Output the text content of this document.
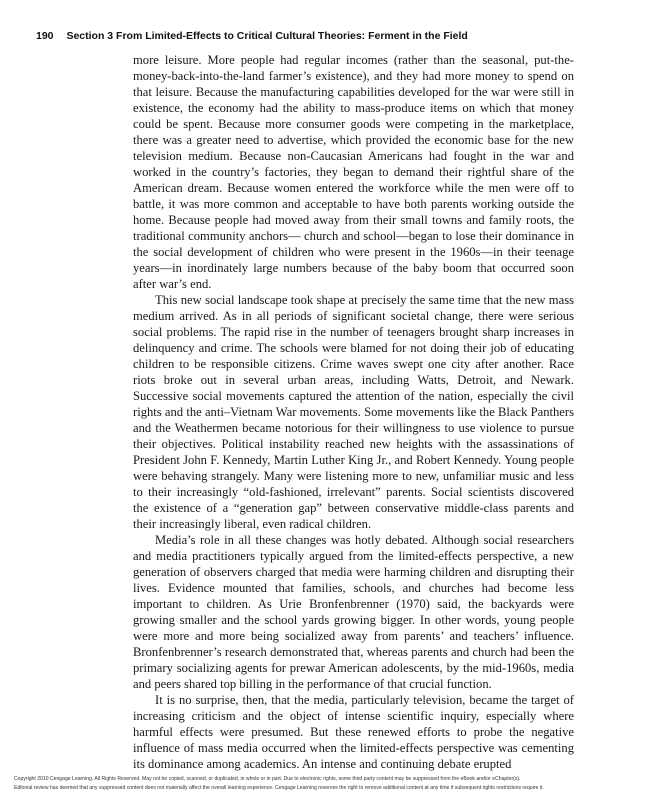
190 Section 3 From Limited-Effects to Critical Cultural Theories: Ferment in the Field

more leisure. More people had regular incomes (rather than the seasonal, put-the-money-back-into-the-land farmer’s existence), and they had more money to spend on that leisure. Because the manufacturing capabilities developed for the war were still in existence, the economy had the ability to mass-produce items on which that money could be spent. Because more consumer goods were competing in the marketplace, there was a greater need to advertise, which provided the economic base for the new television medium. Because non-Caucasian Americans had fought in the war and worked in the country’s factories, they began to demand their rightful share of the American dream. Because women entered the workforce while the men were off to battle, it was more common and acceptable to have both parents working outside the home. Because people had moved away from their small towns and family roots, the traditional community anchors— church and school—began to lose their dominance in the social development of children who were present in the 1960s—in their teenage years—in inordinately large numbers because of the baby boom that occurred soon after war’s end.

This new social landscape took shape at precisely the same time that the new mass medium arrived. As in all periods of significant societal change, there were serious social problems. The rapid rise in the number of teenagers brought sharp increases in delinquency and crime. The schools were blamed for not doing their job of educating children to be responsible citizens. Crime waves swept one city after another. Race riots broke out in several urban areas, including Watts, Detroit, and Newark. Successive social movements captured the attention of the nation, especially the civil rights and the anti–Vietnam War movements. Some movements like the Black Panthers and the Weathermen became notorious for their willingness to use violence to pursue their objectives. Political instability reached new heights with the assassinations of President John F. Kennedy, Martin Luther King Jr., and Robert Kennedy. Young people were behaving strangely. Many were listening more to new, unfamiliar music and less to their increasingly “old-fashioned, irrelevant” parents. Social scientists discovered the existence of a “generation gap” between conservative middle-class parents and their increasingly liberal, even radical children.

Media’s role in all these changes was hotly debated. Although social researchers and media practitioners typically argued from the limited-effects perspective, a new generation of observers charged that media were harming children and disrupting their lives. Evidence mounted that families, schools, and churches had become less important to children. As Urie Bronfenbrenner (1970) said, the backyards were growing smaller and the school yards growing bigger. In other words, young people were more and more being socialized away from parents’ and teachers’ influence. Bronfenbrenner’s research demonstrated that, whereas parents and church had been the primary socializing agents for prewar American adolescents, by the mid-1960s, media and peers shared top billing in the performance of that crucial function.

It is no surprise, then, that the media, particularly television, became the target of increasing criticism and the object of intense scientific inquiry, especially where harmful effects were presumed. But these renewed efforts to probe the negative influence of mass media occurred when the limited-effects perspective was cementing its dominance among academics. An intense and continuing debate erupted

Copyright 2010 Cengage Learning. All Rights Reserved. May not be copied, scanned, or duplicated, in whole or in part. Due to electronic rights, some third party content may be suppressed from the eBook and/or eChapter(s).
Editorial review has deemed that any suppressed content does not materially affect the overall learning experience. Cengage Learning reserves the right to remove additional content at any time if subsequent rights restrictions require it.
